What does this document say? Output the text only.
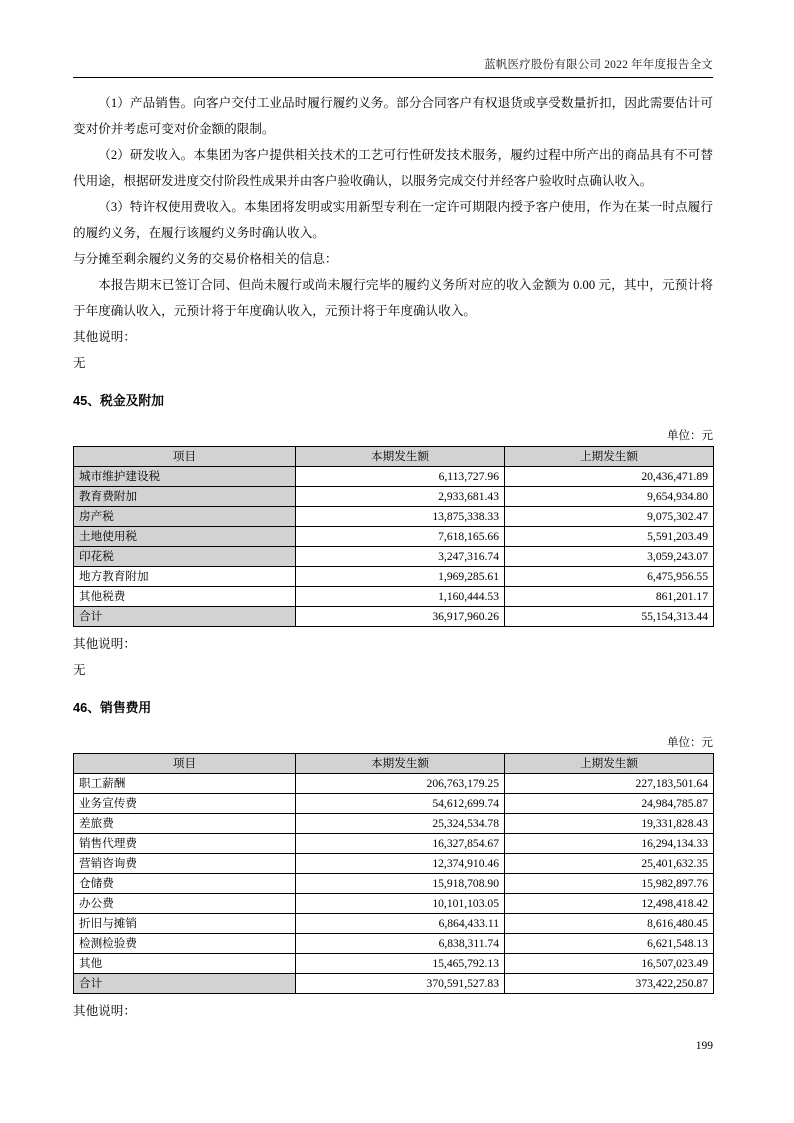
蓝帆医疗股份有限公司 2022 年年度报告全文

（1）产品销售。向客户交付工业品时履行履约义务。部分合同客户有权退货或享受数量折扣，因此需要估计可变对价并考虑可变对价金额的限制。

（2）研发收入。本集团为客户提供相关技术的工艺可行性研发技术服务，履约过程中所产出的商品具有不可替代用途，根据研发进度交付阶段性成果并由客户验收确认，以服务完成交付并经客户验收时点确认收入。

（3）特许权使用费收入。本集团将发明或实用新型专利在一定许可期限内授予客户使用，作为在某一时点履行的履约义务，在履行该履约义务时确认收入。

与分摊至剩余履约义务的交易价格相关的信息：

本报告期末已签订合同、但尚未履行或尚未履行完毕的履约义务所对应的收入金额为 0.00 元，其中，元预计将于年度确认收入，元预计将于年度确认收入，元预计将于年度确认收入。

其他说明：

无

45、税金及附加
单位：元
项目	本期发生额	上期发生额
城市维护建设税	6,113,727.96	20,436,471.89
教育费附加	2,933,681.43	9,654,934.80
房产税	13,875,338.33	9,075,302.47
土地使用税	7,618,165.66	5,591,203.49
印花税	3,247,316.74	3,059,243.07
地方教育附加	1,969,285.61	6,475,956.55
其他税费	1,160,444.53	861,201.17
合计	36,917,960.26	55,154,313.44

其他说明：

无

46、销售费用
单位：元
项目	本期发生额	上期发生额
职工薪酬	206,763,179.25	227,183,501.64
业务宣传费	54,612,699.74	24,984,785.87
差旅费	25,324,534.78	19,331,828.43
销售代理费	16,327,854.67	16,294,134.33
营销咨询费	12,374,910.46	25,401,632.35
仓储费	15,918,708.90	15,982,897.76
办公费	10,101,103.05	12,498,418.42
折旧与摊销	6,864,433.11	8,616,480.45
检测检验费	6,838,311.74	6,621,548.13
其他	15,465,792.13	16,507,023.49
合计	370,591,527.83	373,422,250.87

其他说明：

199
